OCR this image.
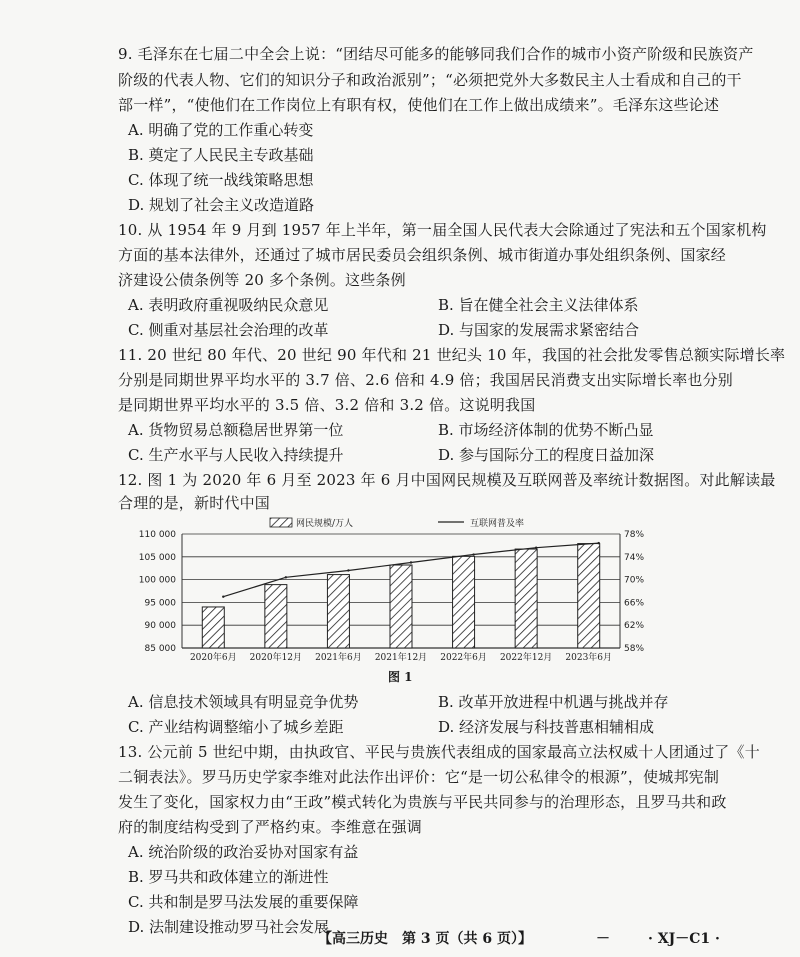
9. 毛泽东在七届二中全会上说：“团结尽可能多的能够同我们合作的城市小资产阶级和民族资产
阶级的代表人物、它们的知识分子和政治派别”；“必须把党外大多数民主人士看成和自己的干
部一样”，“使他们在工作岗位上有职有权，使他们在工作上做出成绩来”。毛泽东这些论述
A. 明确了党的工作重心转变
B. 奠定了人民民主专政基础
C. 体现了统一战线策略思想
D. 规划了社会主义改造道路
10. 从 1954 年 9 月到 1957 年上半年，第一届全国人民代表大会除通过了宪法和五个国家机构
方面的基本法律外，还通过了城市居民委员会组织条例、城市街道办事处组织条例、国家经
济建设公债条例等 20 多个条例。这些条例
A. 表明政府重视吸纳民众意见	B. 旨在健全社会主义法律体系
C. 侧重对基层社会治理的改革	D. 与国家的发展需求紧密结合
11. 20 世纪 80 年代、20 世纪 90 年代和 21 世纪头 10 年，我国的社会批发零售总额实际增长率
分别是同期世界平均水平的 3.7 倍、2.6 倍和 4.9 倍；我国居民消费支出实际增长率也分别
是同期世界平均水平的 3.5 倍、3.2 倍和 3.2 倍。这说明我国
A. 货物贸易总额稳居世界第一位	B. 市场经济体制的优势不断凸显
C. 生产水平与人民收入持续提升	D. 参与国际分工的程度日益加深
12. 图 1 为 2020 年 6 月至 2023 年 6 月中国网民规模及互联网普及率统计数据图。对此解读最
合理的是，新时代中国
85 000
90 000
95 000
100 000
105 000
110 000
58%
62%
66%
70%
74%
78%
2020年6月 2020年12月 2021年6月 2021年12月 2022年6月 2022年12月 2023年6月
网民规模/万人	互联网普及率
图 1
A. 信息技术领域具有明显竞争优势	B. 改革开放进程中机遇与挑战并存
C. 产业结构调整缩小了城乡差距	D. 经济发展与科技普惠相辅相成
13. 公元前 5 世纪中期，由执政官、平民与贵族代表组成的国家最高立法权威十人团通过了《十
二铜表法》。罗马历史学家李维对此法作出评价：它“是一切公私律令的根源”，使城邦宪制
发生了变化，国家权力由“王政”模式转化为贵族与平民共同参与的治理形态，且罗马共和政
府的制度结构受到了严格约束。李维意在强调
A. 统治阶级的政治妥协对国家有益
B. 罗马共和政体建立的渐进性
C. 共和制是罗马法发展的重要保障
D. 法制建设推动罗马社会发展
【高三历史　第 3 页（共 6 页）】	－	· XJ－C1 ·
